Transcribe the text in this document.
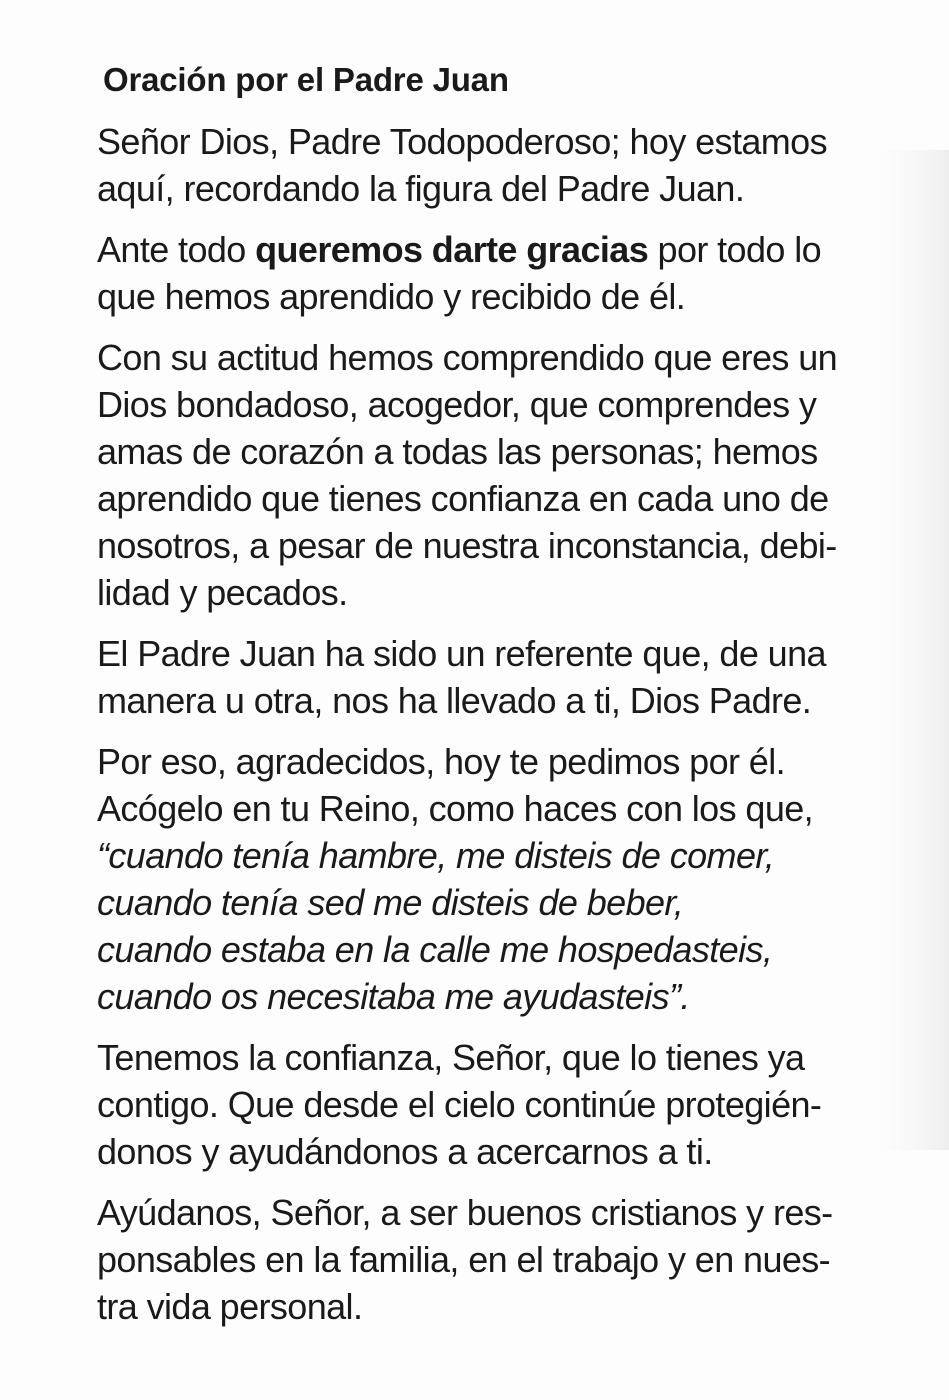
Oración por el Padre Juan
Señor Dios, Padre Todopoderoso; hoy estamos
aquí, recordando la figura del Padre Juan.
Ante todo queremos darte gracias por todo lo
que hemos aprendido y recibido de él.
Con su actitud hemos comprendido que eres un
Dios bondadoso, acogedor, que comprendes y
amas de corazón a todas las personas; hemos
aprendido que tienes confianza en cada uno de
nosotros, a pesar de nuestra inconstancia, debi-
lidad y pecados.
El Padre Juan ha sido un referente que, de una
manera u otra, nos ha llevado a ti, Dios Padre.
Por eso, agradecidos, hoy te pedimos por él.
Acógelo en tu Reino, como haces con los que,
“cuando tenía hambre, me disteis de comer,
cuando tenía sed me disteis de beber,
cuando estaba en la calle me hospedasteis,
cuando os necesitaba me ayudasteis”.
Tenemos la confianza, Señor, que lo tienes ya
contigo. Que desde el cielo continúe protegién-
donos y ayudándonos a acercarnos a ti.
Ayúdanos, Señor, a ser buenos cristianos y res-
ponsables en la familia, en el trabajo y en nues-
tra vida personal.
